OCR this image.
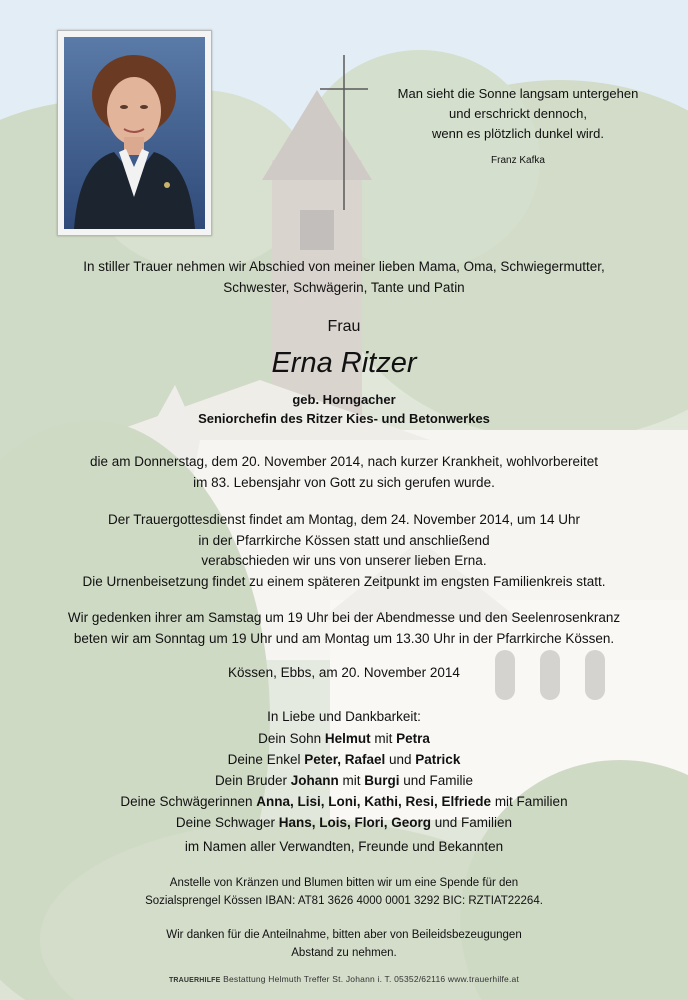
Man sieht die Sonne langsam untergehen
und erschrickt dennoch,
wenn es plötzlich dunkel wird.
Franz Kafka
In stiller Trauer nehmen wir Abschied von meiner lieben Mama, Oma, Schwiegermutter,
Schwester, Schwägerin, Tante und Patin
Frau
Erna Ritzer
geb. Horngacher
Seniorchefin des Ritzer Kies- und Betonwerkes
die am Donnerstag, dem 20. November 2014, nach kurzer Krankheit, wohlvorbereitet
im 83. Lebensjahr von Gott zu sich gerufen wurde.
Der Trauergottesdienst findet am Montag, dem 24. November 2014, um 14 Uhr
in der Pfarrkirche Kössen statt und anschließend
verabschieden wir uns von unserer lieben Erna.
Die Urnenbeisetzung findet zu einem späteren Zeitpunkt im engsten Familienkreis statt.
Wir gedenken ihrer am Samstag um 19 Uhr bei der Abendmesse und den Seelenrosenkranz
beten wir am Sonntag um 19 Uhr und am Montag um 13.30 Uhr in der Pfarrkirche Kössen.
Kössen, Ebbs, am 20. November 2014
In Liebe und Dankbarkeit:
Dein Sohn Helmut mit Petra
Deine Enkel Peter, Rafael und Patrick
Dein Bruder Johann mit Burgi und Familie
Deine Schwägerinnen Anna, Lisi, Loni, Kathi, Resi, Elfriede mit Familien
Deine Schwager Hans, Lois, Flori, Georg und Familien
im Namen aller Verwandten, Freunde und Bekannten
Anstelle von Kränzen und Blumen bitten wir um eine Spende für den
Sozialsprengel Kössen IBAN: AT81 3626 4000 0001 3292 BIC: RZTIAT22264.
Wir danken für die Anteilnahme, bitten aber von Beileidsbezeugungen
Abstand zu nehmen.
TRAUERHILFE Bestattung Helmuth Treffer St. Johann i. T. 05352/62116 www.trauerhilfe.at
